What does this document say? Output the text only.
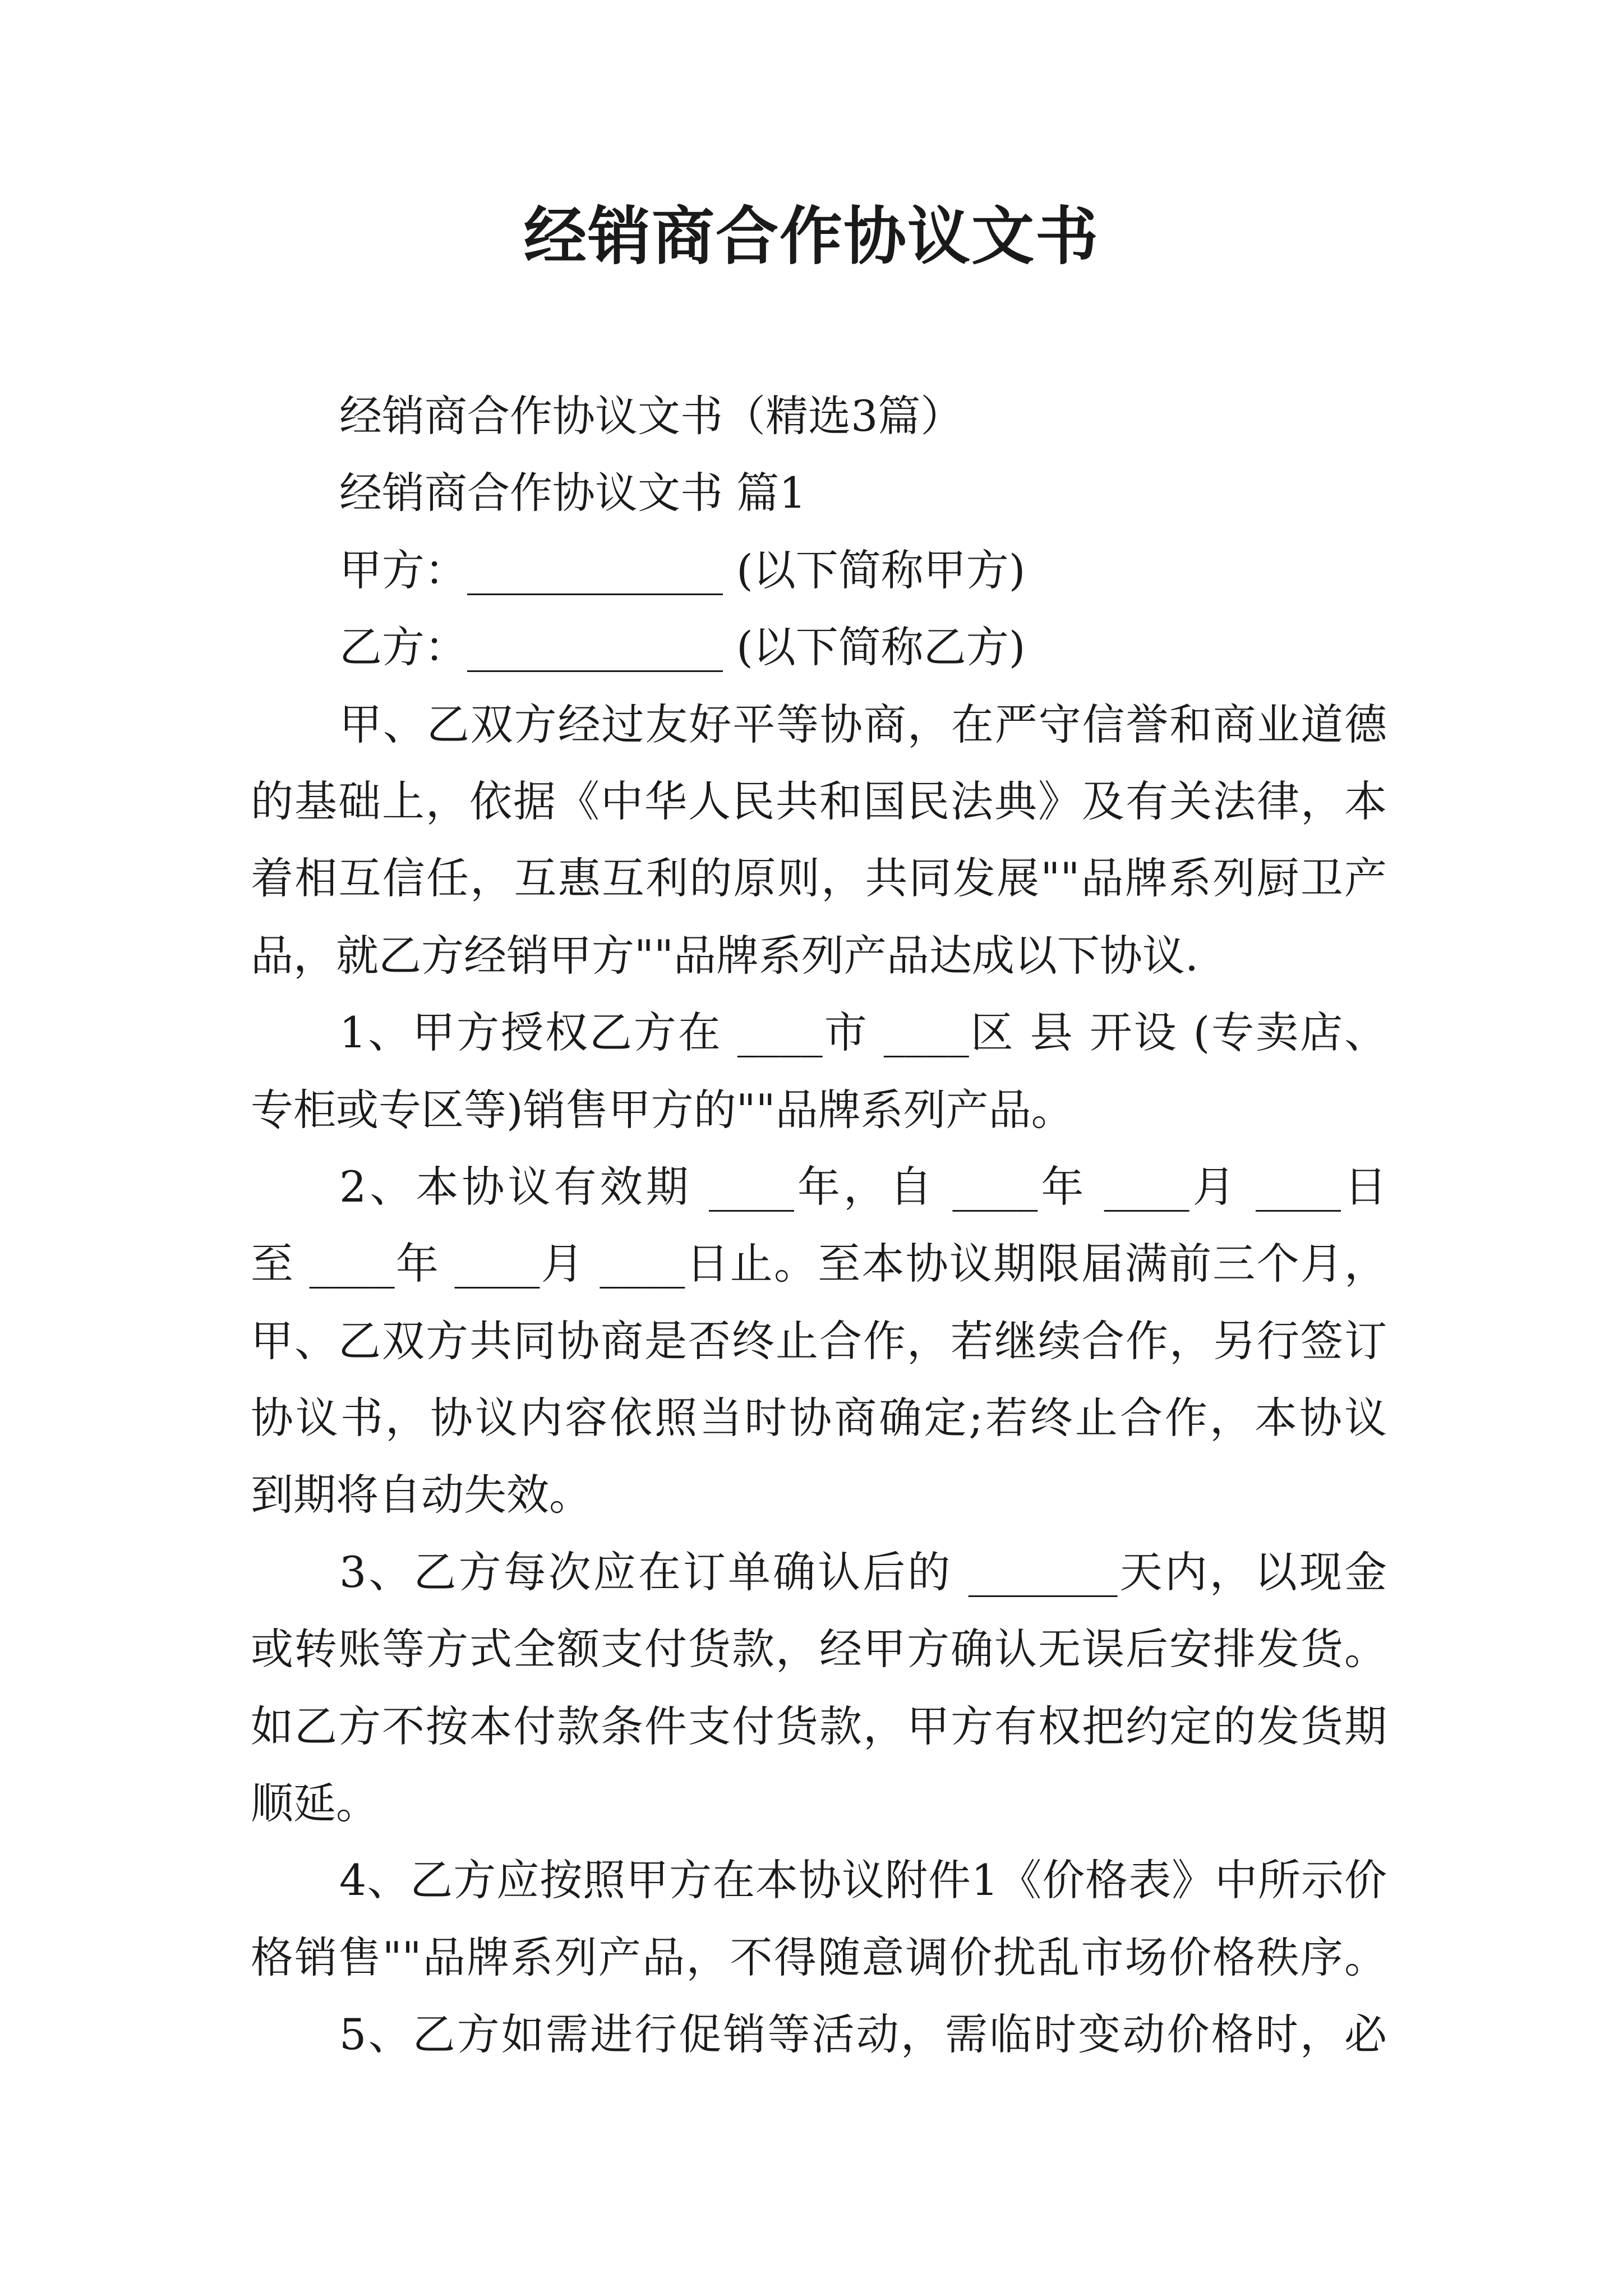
经销商合作协议文书
经销商合作协议文书（精选3篇）
经销商合作协议文书 篇1
甲方：____________ (以下简称甲方)
乙方：____________ (以下简称乙方)
甲、乙双方经过友好平等协商，在严守信誉和商业道德
的基础上，依据《中华人民共和国民法典》及有关法律，本
着相互信任，互惠互利的原则，共同发展""品牌系列厨卫产
品，就乙方经销甲方""品牌系列产品达成以下协议.
1、甲方授权乙方在 ____市 ____区 县 开设 (专卖店、
专柜或专区等)销售甲方的""品牌系列产品。
2、本协议有效期 ____年，自 ____年 ____月 ____日
至 ____年 ____月 ____日止。至本协议期限届满前三个月，
甲、乙双方共同协商是否终止合作，若继续合作，另行签订
协议书，协议内容依照当时协商确定;若终止合作，本协议
到期将自动失效。
3、乙方每次应在订单确认后的 _______天内，以现金
或转账等方式全额支付货款，经甲方确认无误后安排发货。
如乙方不按本付款条件支付货款，甲方有权把约定的发货期
顺延。
4、乙方应按照甲方在本协议附件1《价格表》中所示价
格销售""品牌系列产品，不得随意调价扰乱市场价格秩序。
5、乙方如需进行促销等活动，需临时变动价格时，必
